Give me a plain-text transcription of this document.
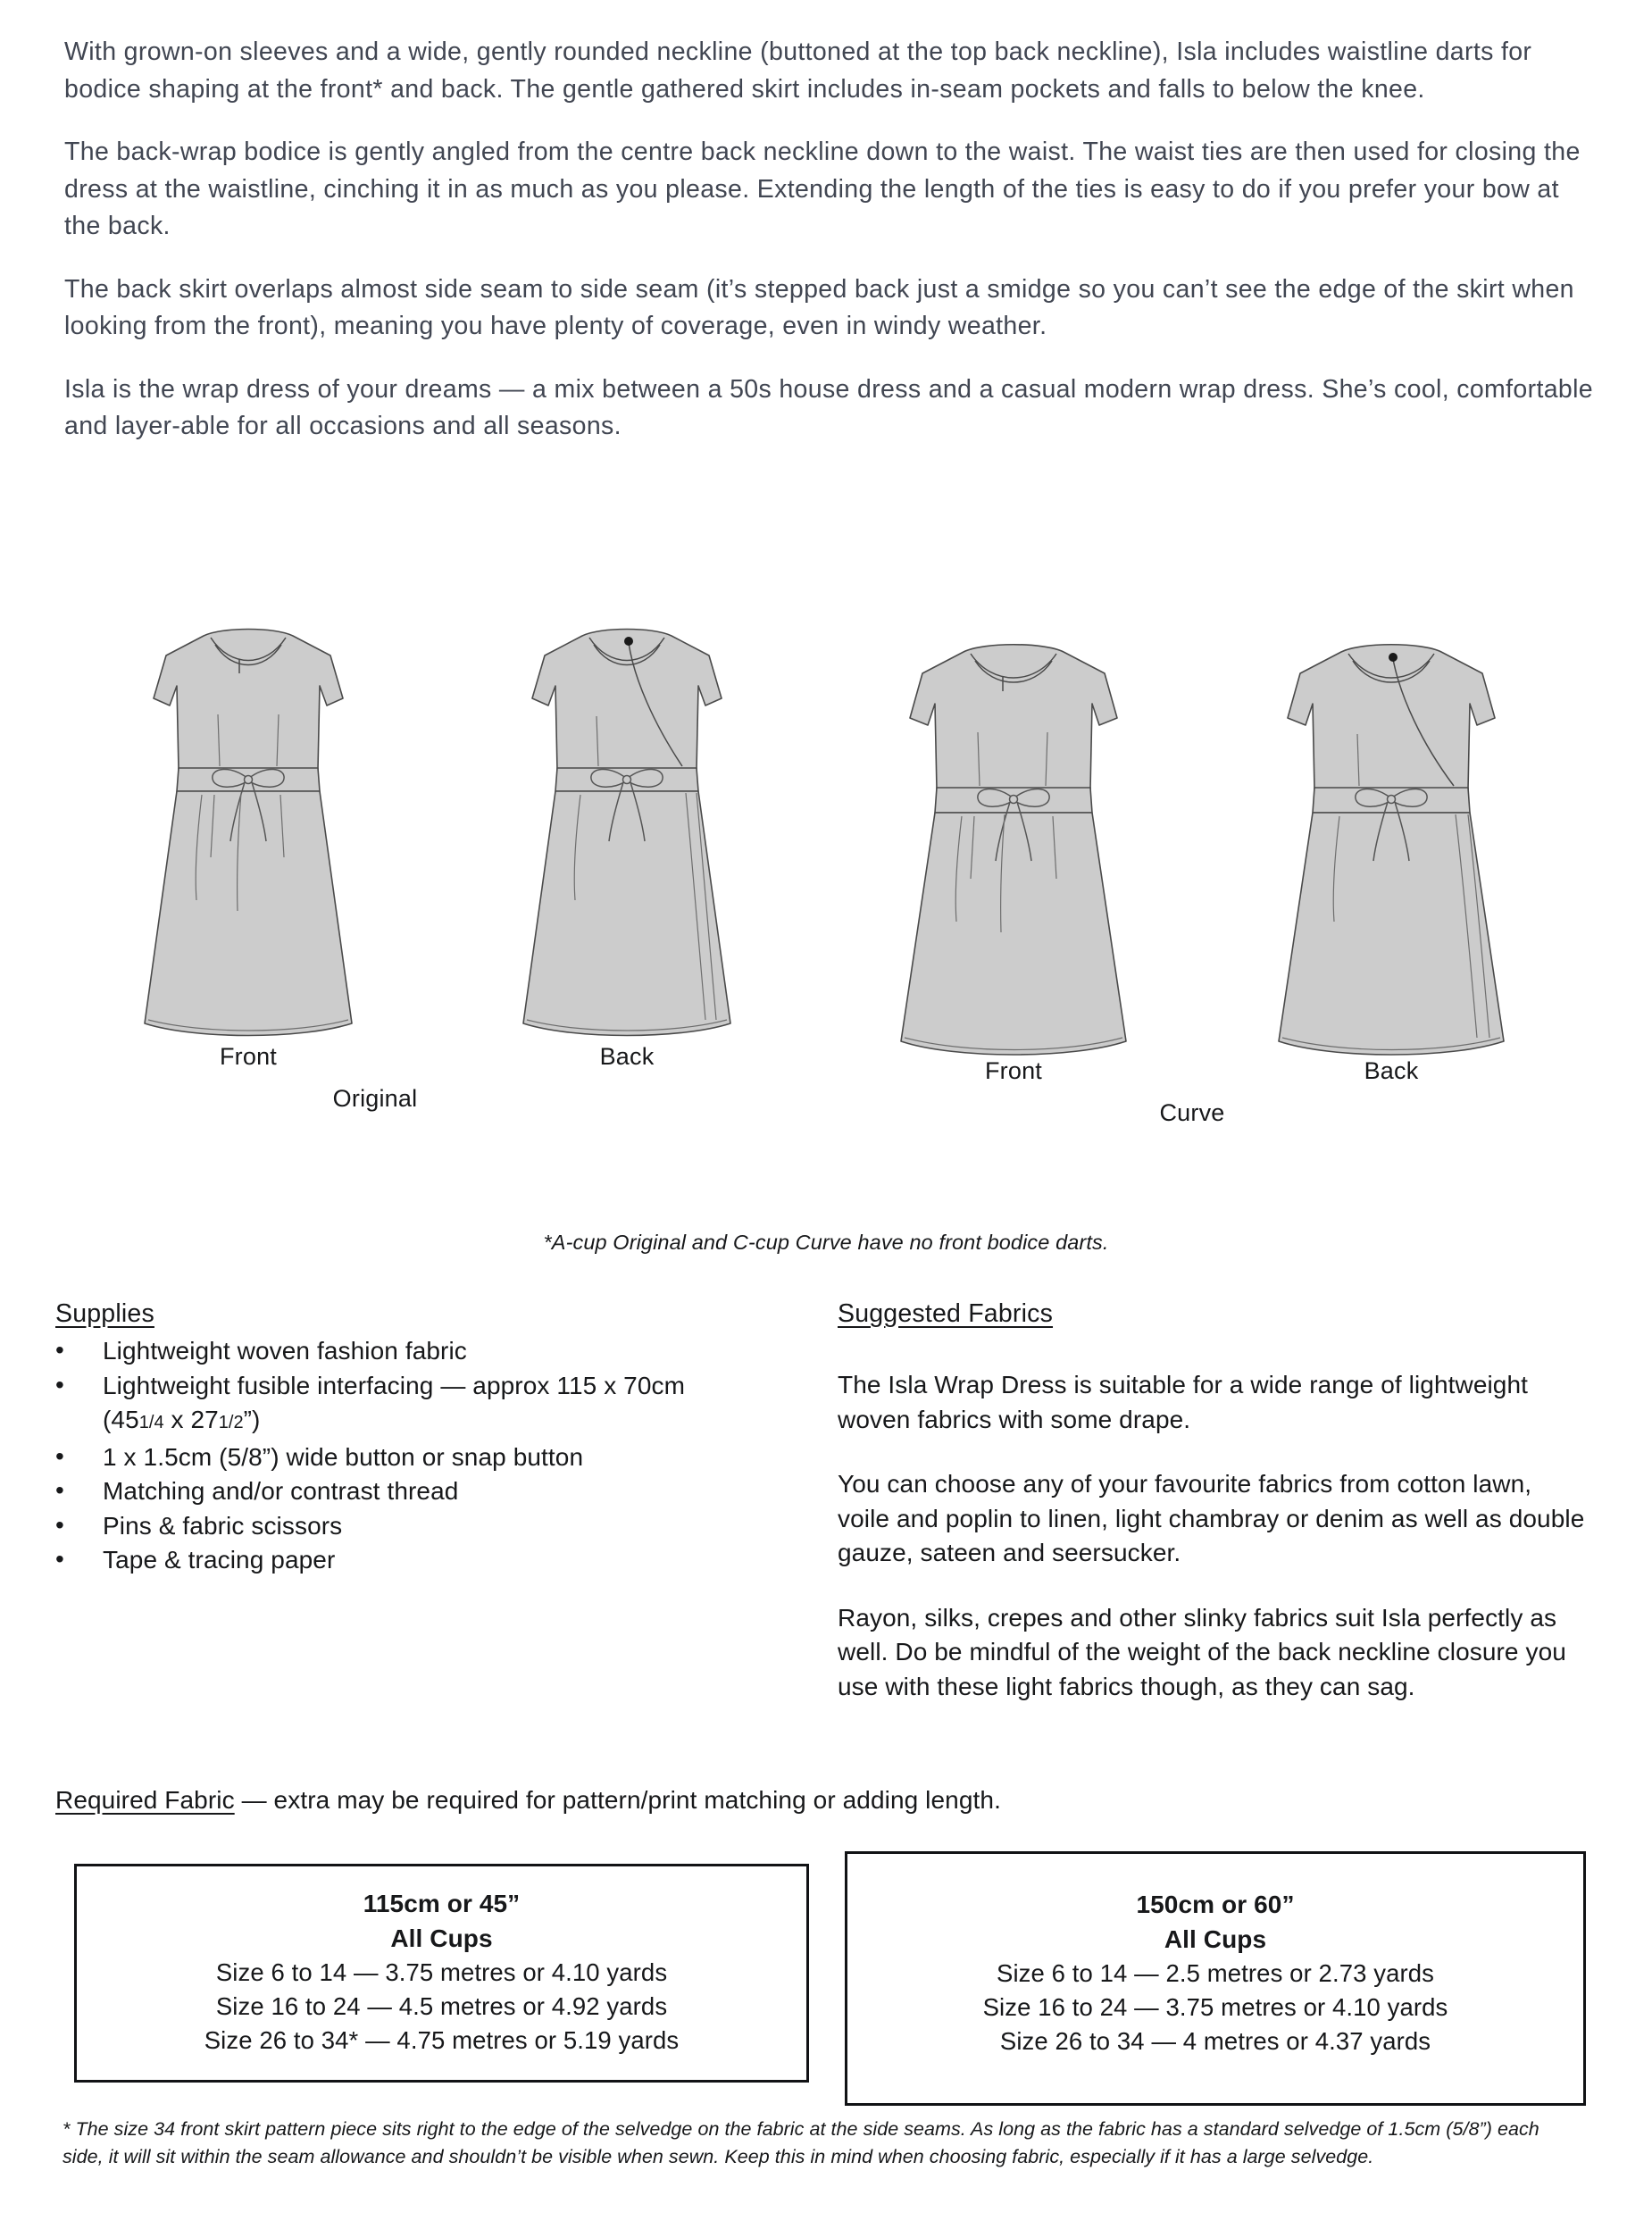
With grown-on sleeves and a wide, gently rounded neckline (buttoned at the top back neckline), Isla includes waistline darts for bodice shaping at the front* and back. The gentle gathered skirt includes in-seam pockets and falls to below the knee.

The back-wrap bodice is gently angled from the centre back neckline down to the waist. The waist ties are then used for closing the dress at the waistline, cinching it in as much as you please. Extending the length of the ties is easy to do if you prefer your bow at the back.

The back skirt overlaps almost side seam to side seam (it’s stepped back just a smidge so you can’t see the edge of the skirt when looking from the front), meaning you have plenty of coverage, even in windy weather.

Isla is the wrap dress of your dreams — a mix between a 50s house dress and a casual modern wrap dress. She’s cool, comfortable and layer-able for all occasions and all seasons.

Front	Back
Original
Front	Back
Curve
*A-cup Original and C-cup Curve have no front bodice darts.
Supplies
• Lightweight woven fashion fabric
• Lightweight fusible interfacing — approx 115 x 70cm
(451/4 x 271/2”)
• 1 x 1.5cm (5/8”) wide button or snap button
• Matching and/or contrast thread
• Pins & fabric scissors
• Tape & tracing paper
Suggested Fabrics

The Isla Wrap Dress is suitable for a wide range of lightweight woven fabrics with some drape.

You can choose any of your favourite fabrics from cotton lawn, voile and poplin to linen, light chambray or denim as well as double gauze, sateen and seersucker.

Rayon, silks, crepes and other slinky fabrics suit Isla perfectly as well. Do be mindful of the weight of the back neckline closure you use with these light fabrics though, as they can sag.

Required Fabric — extra may be required for pattern/print matching or adding length.
115cm or 45”
All Cups
Size 6 to 14 — 3.75 metres or 4.10 yards
Size 16 to 24 — 4.5 metres or 4.92 yards
Size 26 to 34* — 4.75 metres or 5.19 yards
150cm or 60”
All Cups
Size 6 to 14 — 2.5 metres or 2.73 yards
Size 16 to 24 — 3.75 metres or 4.10 yards
Size 26 to 34 — 4 metres or 4.37 yards
* The size 34 front skirt pattern piece sits right to the edge of the selvedge on the fabric at the side seams. As long as the fabric has a standard selvedge of 1.5cm (5/8”) each side, it will sit within the seam allowance and shouldn’t be visible when sewn. Keep this in mind when choosing fabric, especially if it has a large selvedge.
